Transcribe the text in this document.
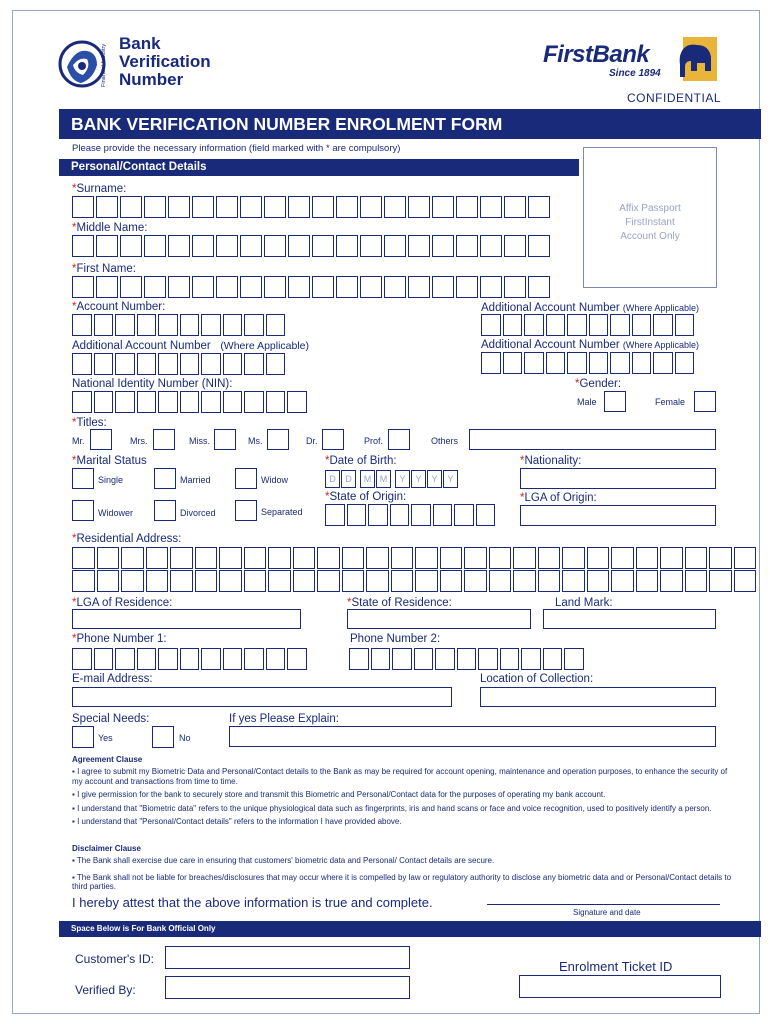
Financial Industry
Bank
Verification
Number
FirstBank
Since 1894
CONFIDENTIAL
BANK VERIFICATION NUMBER ENROLMENT FORM
Please provide the necessary information (field marked with * are compulsory)
Personal/Contact Details
Affix Passport
FirstInstant
Account Only
*Surname:
*Middle Name:
*First Name:
*Account Number:	Additional Account Number (Where Applicable)
Additional Account Number (Where Applicable)	Additional Account Number (Where Applicable)
National Identity Number (NIN):	*Gender:
Male	Female
*Titles:
Mr.	Mrs.	Miss.	Ms.	Dr.	Prof.	Others
*Marital Status
Single	Married	Widow
Widower	Divorced	Separated
*Date of Birth:
D	D	M M	Y	Y	Y	Y
*Nationality:
*State of Origin:	*LGA of Origin:
*Residential Address:
*LGA of Residence:	*State of Residence:	Land Mark:
*Phone Number 1:	Phone Number 2:
E-mail Address:	Location of Collection:
Special Needs:
Yes	No
If yes Please Explain:
Agreement Clause
▪ I agree to submit my Biometric Data and Personal/Contact details to the Bank as may be required for account opening, maintenance and operation purposes, to enhance the security of my account and transactions from time to time.
▪ I give permission for the bank to securely store and transmit this Biometric and Personal/Contact data for the purposes of operating my bank account.
▪ I understand that "Biometric data" refers to the unique physiological data such as fingerprints, iris and hand scans or face and voice recognition, used to positively identify a person.
▪ I understand that "Personal/Contact details" refers to the information I have provided above.
Disclaimer Clause
▪ The Bank shall exercise due care in ensuring that customers' biometric data and Personal/ Contact details are secure.
▪ The Bank shall not be liable for breaches/disclosures that may occur where it is compelled by law or regulatory authority to disclose any biometric data and or Personal/Contact details to third parties.
I hereby attest that the above information is true and complete.
Signature and date
Space Below is For Bank Official Only
Customer's ID:
Verified By:
Enrolment Ticket ID
